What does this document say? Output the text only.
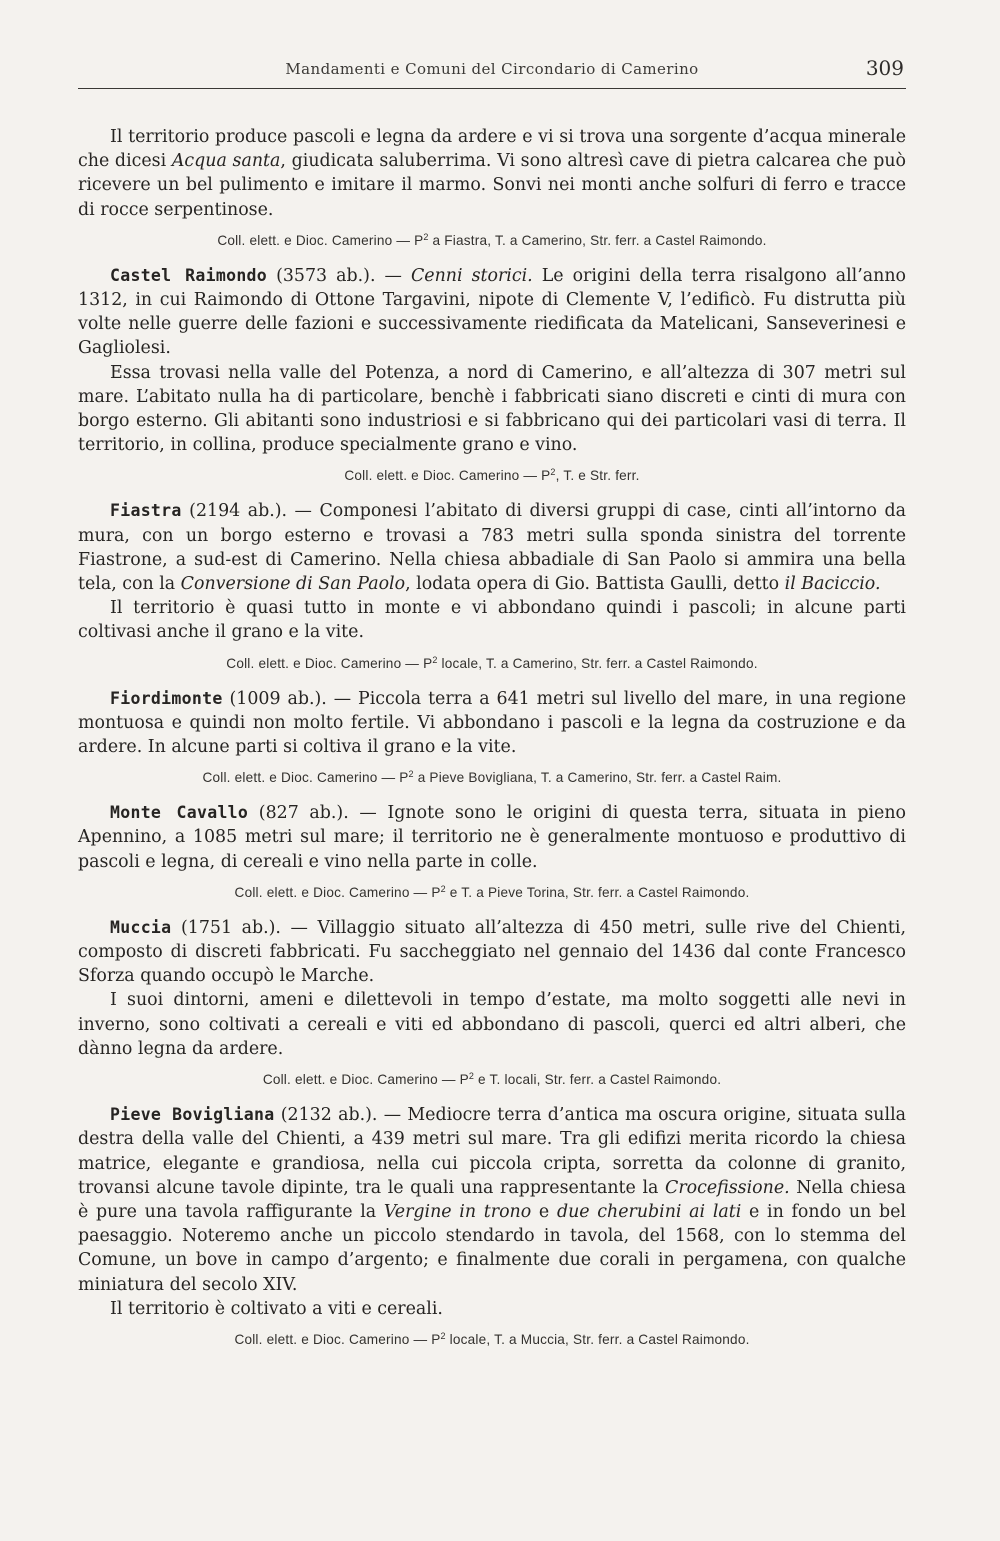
Mandamenti e Comuni del Circondario di Camerino	309

Il territorio produce pascoli e legna da ardere e vi si trova una sorgente d’acqua minerale che dicesi Acqua santa, giudicata saluberrima. Vi sono altresì cave di pietra calcarea che può ricevere un bel pulimento e imitare il marmo. Sonvi nei monti anche solfuri di ferro e tracce di rocce serpentinose.

Coll. elett. e Dioc. Camerino — $P^2$ a Fiastra, T. a Camerino, Str. ferr. a Castel Raimondo.

Castel Raimondo (3573 ab.). — Cenni storici. Le origini della terra risalgono all’anno 1312, in cui Raimondo di Ottone Targavini, nipote di Clemente V, l’edificò. Fu distrutta più volte nelle guerre delle fazioni e successivamente riedificata da Matelicani, Sanseverinesi e Gagliolesi.

Essa trovasi nella valle del Potenza, a nord di Camerino, e all’altezza di 307 metri sul mare. L’abitato nulla ha di particolare, benchè i fabbricati siano discreti e cinti di mura con borgo esterno. Gli abitanti sono industriosi e si fabbricano qui dei particolari vasi di terra. Il territorio, in collina, produce specialmente grano e vino.

Coll. elett. e Dioc. Camerino — $P^2$, T. e Str. ferr.

Fiastra (2194 ab.). — Componesi l’abitato di diversi gruppi di case, cinti all’intorno da mura, con un borgo esterno e trovasi a 783 metri sulla sponda sinistra del torrente Fiastrone, a sud-est di Camerino. Nella chiesa abbadiale di San Paolo si ammira una bella tela, con la Conversione di San Paolo, lodata opera di Gio. Battista Gaulli, detto il Baciccio.

Il territorio è quasi tutto in monte e vi abbondano quindi i pascoli; in alcune parti coltivasi anche il grano e la vite.

Coll. elett. e Dioc. Camerino — $P^2$ locale, T. a Camerino, Str. ferr. a Castel Raimondo.

Fiordimonte (1009 ab.). — Piccola terra a 641 metri sul livello del mare, in una regione montuosa e quindi non molto fertile. Vi abbondano i pascoli e la legna da costruzione e da ardere. In alcune parti si coltiva il grano e la vite.

Coll. elett. e Dioc. Camerino — $P^2$ a Pieve Bovigliana, T. a Camerino, Str. ferr. a Castel Raim.

Monte Cavallo (827 ab.). — Ignote sono le origini di questa terra, situata in pieno Apennino, a 1085 metri sul mare; il territorio ne è generalmente montuoso e produttivo di pascoli e legna, di cereali e vino nella parte in colle.

Coll. elett. e Dioc. Camerino — $P^2$ e T. a Pieve Torina, Str. ferr. a Castel Raimondo.

Muccia (1751 ab.). — Villaggio situato all’altezza di 450 metri, sulle rive del Chienti, composto di discreti fabbricati. Fu saccheggiato nel gennaio del 1436 dal conte Francesco Sforza quando occupò le Marche.

I suoi dintorni, ameni e dilettevoli in tempo d’estate, ma molto soggetti alle nevi in inverno, sono coltivati a cereali e viti ed abbondano di pascoli, querci ed altri alberi, che dànno legna da ardere.

Coll. elett. e Dioc. Camerino — $P^2$ e T. locali, Str. ferr. a Castel Raimondo.

Pieve Bovigliana (2132 ab.). — Mediocre terra d’antica ma oscura origine, situata sulla destra della valle del Chienti, a 439 metri sul mare. Tra gli edifizi merita ricordo la chiesa matrice, elegante e grandiosa, nella cui piccola cripta, sorretta da colonne di granito, trovansi alcune tavole dipinte, tra le quali una rappresentante la Crocefissione. Nella chiesa è pure una tavola raffigurante la Vergine in trono e due cherubini ai lati e in fondo un bel paesaggio. Noteremo anche un piccolo stendardo in tavola, del 1568, con lo stemma del Comune, un bove in campo d’argento; e finalmente due corali in pergamena, con qualche miniatura del secolo XIV.

Il territorio è coltivato a viti e cereali.

Coll. elett. e Dioc. Camerino — $P^2$ locale, T. a Muccia, Str. ferr. a Castel Raimondo.
